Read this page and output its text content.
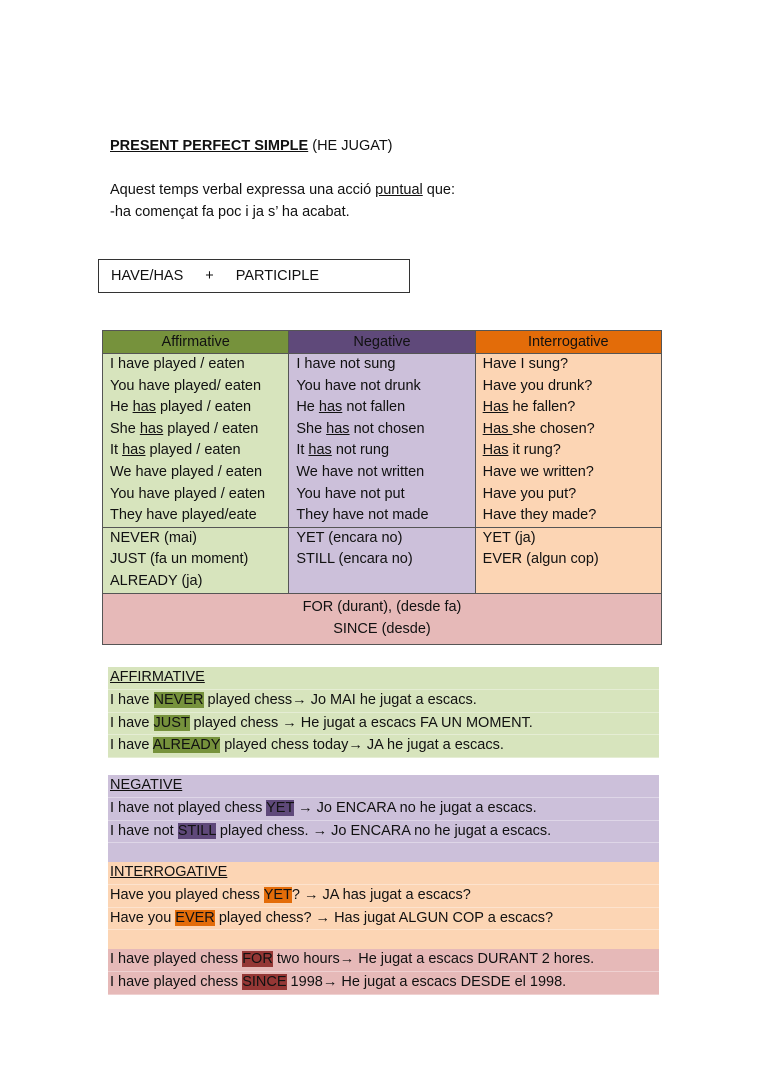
PRESENT PERFECT SIMPLE (HE JUGAT)
Aquest temps verbal expressa una acció puntual que:
-ha començat fa poc i ja s’ ha acabat.
HAVE/HAS + PARTICIPLE
Affirmative	Negative	Interrogative
I have played / eaten
You have played/ eaten
He has played / eaten
She has played / eaten
It has played / eaten
We have played / eaten
You have played / eaten
They have played/eate
I have not sung
You have not drunk
He has not fallen
She has not chosen
It has not rung
We have not written
You have not put
They have not made
Have I sung?
Have you drunk?
Has he fallen?
Has she chosen?
Has it rung?
Have we written?
Have you put?
Have they made?
NEVER (mai)
JUST (fa un moment)
ALREADY (ja)
YET (encara no)
STILL (encara no)
YET (ja)
EVER (algun cop)
FOR (durant), (desde fa)
SINCE (desde)
AFFIRMATIVE
I have NEVER played chess→ Jo MAI he jugat a escacs.
I have JUST played chess → He jugat a escacs FA UN MOMENT.
I have ALREADY played chess today→ JA he jugat a escacs.
NEGATIVE
I have not played chess YET → Jo ENCARA no he jugat a escacs.
I have not STILL played chess. → Jo ENCARA no he jugat a escacs.
INTERROGATIVE
Have you played chess YET? → JA has jugat a escacs?
Have you EVER played chess? → Has jugat ALGUN COP a escacs?
I have played chess FOR two hours→ He jugat a escacs DURANT 2 hores.
I have played chess SINCE 1998→ He jugat a escacs DESDE el 1998.
